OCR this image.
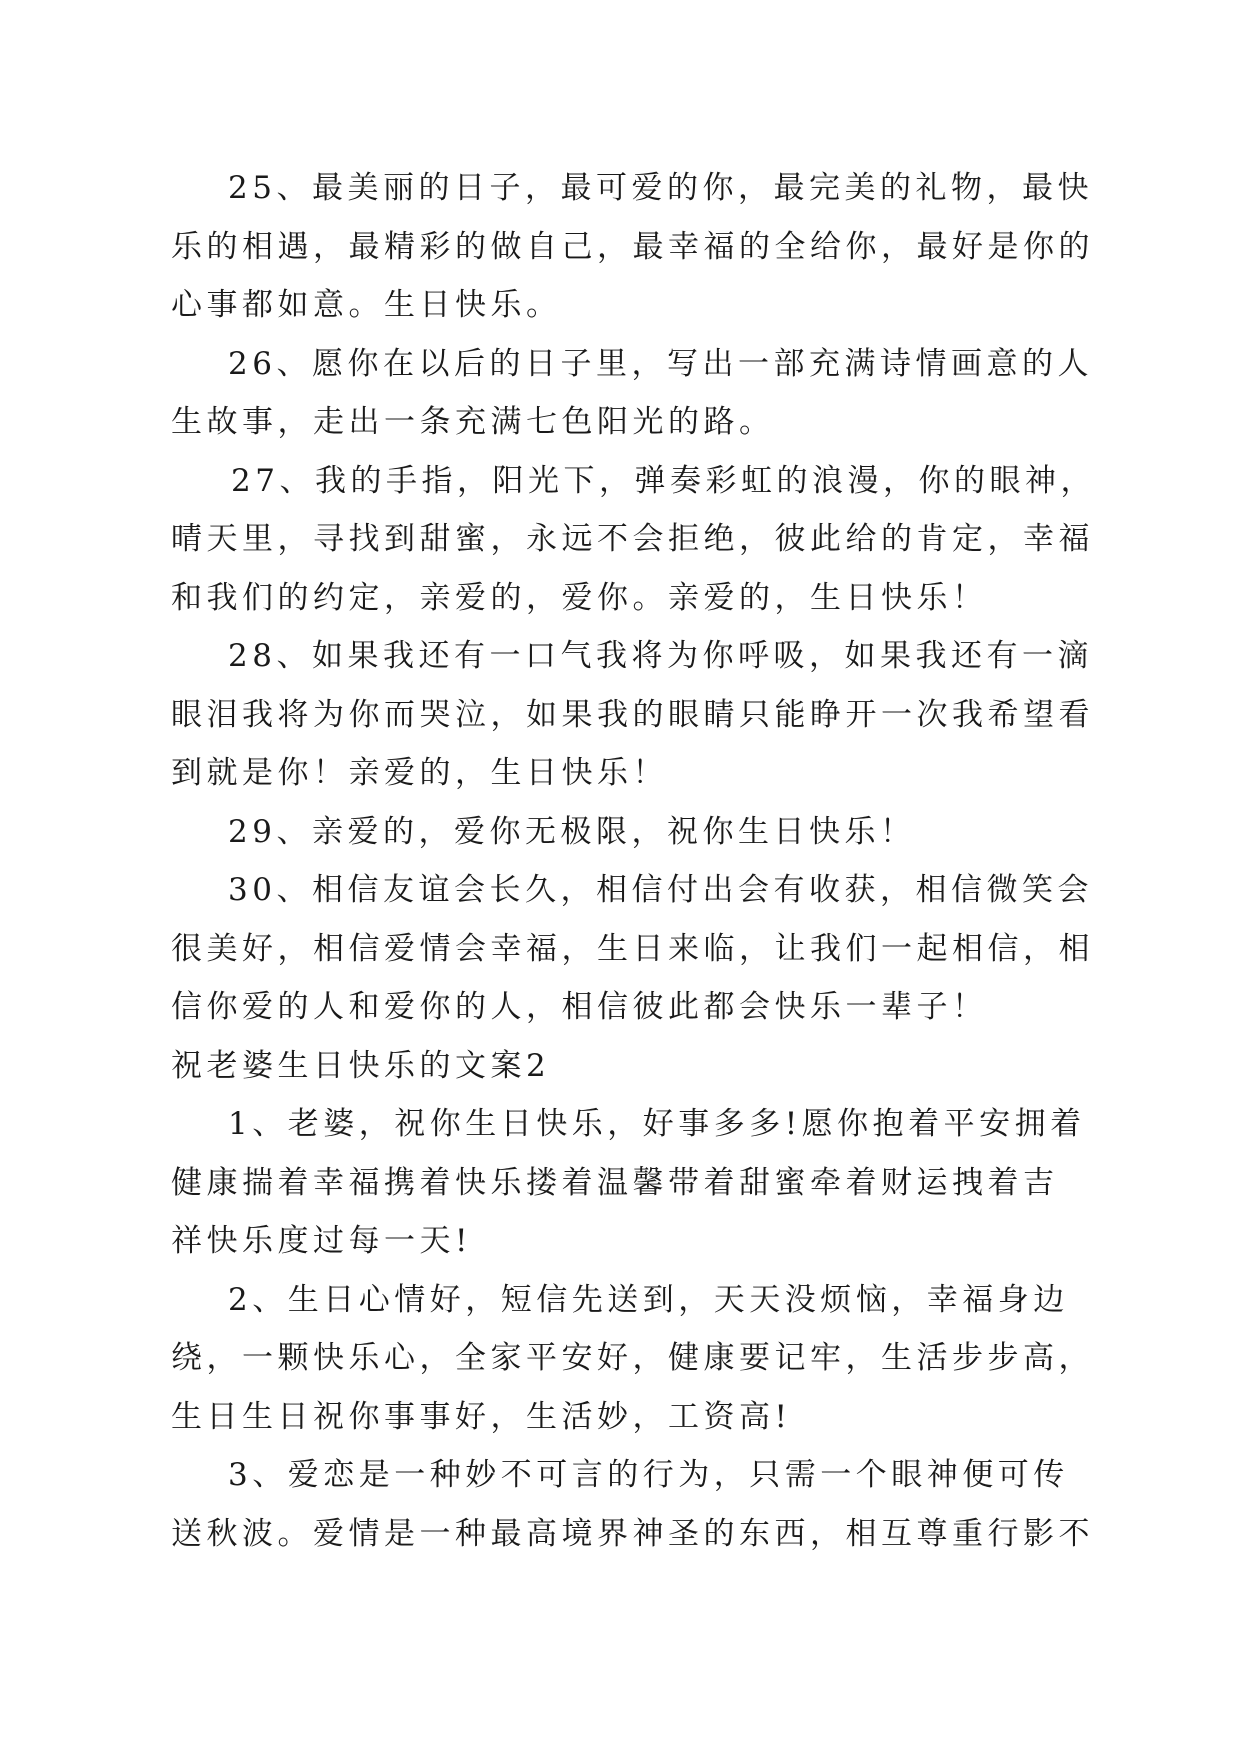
25、最美丽的日子，最可爱的你，最完美的礼物，最快
乐的相遇，最精彩的做自己，最幸福的全给你，最好是你的
心事都如意。生日快乐。
26、愿你在以后的日子里，写出一部充满诗情画意的人
生故事，走出一条充满七色阳光的路。
27、我的手指，阳光下，弹奏彩虹的浪漫，你的眼神，
晴天里，寻找到甜蜜，永远不会拒绝，彼此给的肯定，幸福
和我们的约定，亲爱的，爱你。亲爱的，生日快乐！
28、如果我还有一口气我将为你呼吸，如果我还有一滴
眼泪我将为你而哭泣，如果我的眼睛只能睁开一次我希望看
到就是你！亲爱的，生日快乐！
29、亲爱的，爱你无极限，祝你生日快乐！
30、相信友谊会长久，相信付出会有收获，相信微笑会
很美好，相信爱情会幸福，生日来临，让我们一起相信，相
信你爱的人和爱你的人，相信彼此都会快乐一辈子！
祝老婆生日快乐的文案2
1、老婆，祝你生日快乐，好事多多!愿你抱着平安拥着
健康揣着幸福携着快乐搂着温馨带着甜蜜牵着财运拽着吉
祥快乐度过每一天!
2、生日心情好，短信先送到，天天没烦恼，幸福身边
绕，一颗快乐心，全家平安好，健康要记牢，生活步步高，
生日生日祝你事事好，生活妙，工资高!
3、爱恋是一种妙不可言的行为，只需一个眼神便可传
送秋波。爱情是一种最高境界神圣的东西，相互尊重行影不
